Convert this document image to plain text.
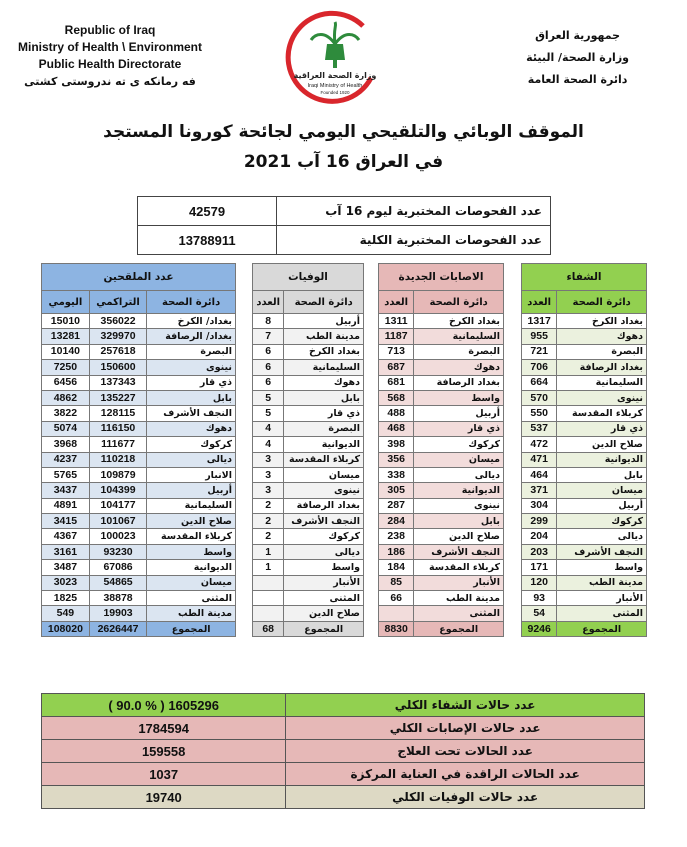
Republic of Iraq
Ministry of Health \ Environment
Public Health Directorate
فه رمانكه ى ته ندروستى كشتى	وزارة الصحة العراقية
Iraqi Ministry of Health
Founded 1920
جمهورية العراق
وزارة الصحة/ البيئة
دائرة الصحة العامة
الموقف الوبائي والتلقيحي اليومي لجائحة كورونا المستجد
في العراق 16 آب 2021
42579	عدد الفحوصات المختبرية ليوم 16 آب
13788911	عدد الفحوصات المختبرية الكلية
عدد الملقحين		
اليومي	التراكمي	دائرة الصحة
15010	356022	بغداد/ الكرخ
13281	329970	بغداد/ الرصافة
10140	257618	البصرة
7250	150600	نينوى
6456	137343	ذي قار
4862	135227	بابل
3822	128115	النجف الأشرف
5074	116150	دهوك
3968	111677	كركوك
4237	110218	ديالى
5765	109879	الانبار
3437	104399	أربيل
4891	104177	السليمانية
3415	101067	صلاح الدين
4367	100023	كربلاء المقدسة
3161	93230	واسط
3487	67086	الديوانية
3023	54865	ميسان
1825	38878	المثنى
549	19903	مدينة الطب
108020	2626447	المجموع
الوفيات	
العدد	دائرة الصحة
8	أربيل
7	مدينة الطب
6	بغداد الكرخ
6	السليمانية
6	دهوك
5	بابل
5	ذي قار
4	البصرة
4	الديوانية
3	كربلاء المقدسة
3	ميسان
3	نينوى
2	بغداد الرصافة
2	النجف الأشرف
2	كركوك
1	ديالى
1	واسط
	الأنبار
	المثنى
	صلاح الدين
68	المجموع
الاصابات الجديدة	
العدد	دائرة الصحة
1311	بغداد الكرخ
1187	السليمانية
713	البصرة
687	دهوك
681	بغداد الرصافة
568	واسط
488	أربيل
468	ذي قار
398	كركوك
356	ميسان
338	ديالى
305	الديوانية
287	نينوى
284	بابل
238	صلاح الدين
186	النجف الأشرف
184	كربلاء المقدسة
85	الأنبار
66	مدينة الطب
	المثنى
8830	المجموع
الشفاء	
العدد	دائرة الصحة
1317	بغداد الكرخ
955	دهوك
721	البصرة
706	بغداد الرصافة
664	السليمانية
570	نينوى
550	كربلاء المقدسة
537	ذي قار
472	صلاح الدين
471	الديوانية
464	بابل
371	ميسان
304	أربيل
299	كركوك
204	ديالى
203	النجف الأشرف
171	واسط
120	مدينة الطب
93	الأنبار
54	المثنى
9246	المجموع
( 90.0 % ) 1605296	عدد حالات الشفاء الكلي
1784594	عدد حالات الإصابات الكلي
159558	عدد الحالات تحت العلاج
1037	عدد الحالات الراقدة في العناية المركزة
19740	عدد حالات الوفيات الكلي
